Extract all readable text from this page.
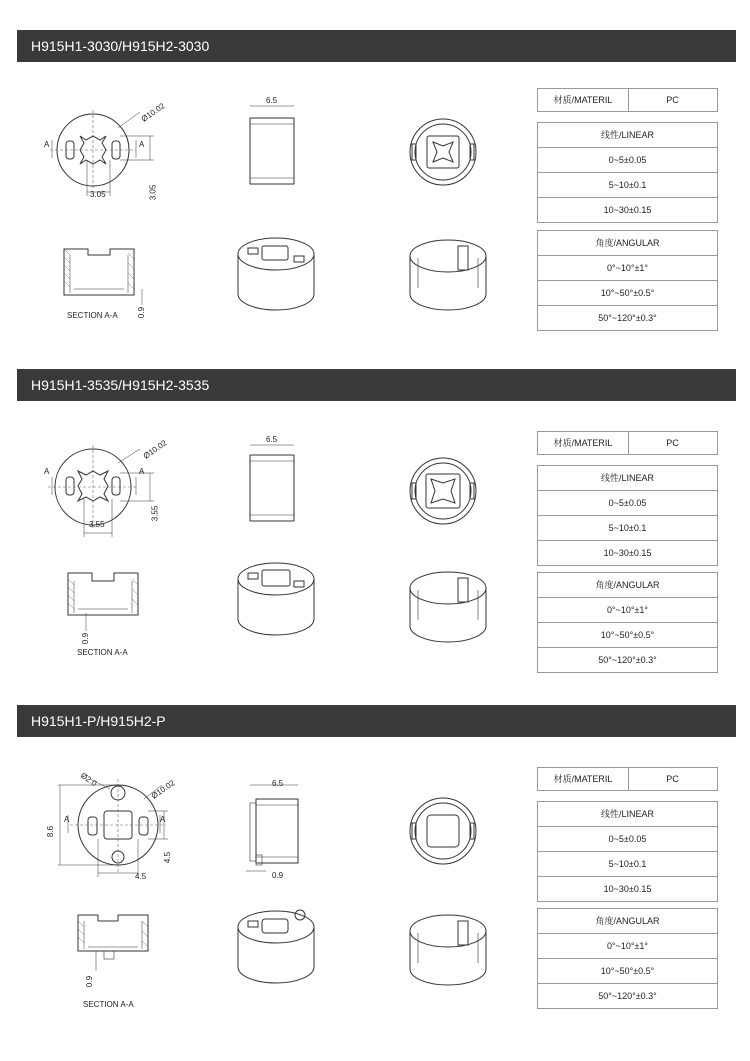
H915H1-3030/H915H2-3030
Ø10.02
3.05	3.05
A	A
6.5
0.9
SECTION A-A
材质/MATERIL	PC
线性/LINEAR
0~5±0.05
5~10±0.1
10~30±0.15
角度/ANGULAR
0°~10°±1°
10°~50°±0.5°
50°~120°±0.3°
H915H1-3535/H915H2-3535
Ø10.02
3.55
3.55
A	A
6.5
0.9
SECTION A-A
材质/MATERIL	PC
线性/LINEAR
0~5±0.05
5~10±0.1
10~30±0.15
角度/ANGULAR
0°~10°±1°
10°~50°±0.5°
50°~120°±0.3°
H915H1-P/H915H2-P
Ø2.0	Ø10.02
8.6
4.5
4.5
A	A
6.5
0.9
0.9
SECTION A-A
材质/MATERIL	PC
线性/LINEAR
0~5±0.05
5~10±0.1
10~30±0.15
角度/ANGULAR
0°~10°±1°
10°~50°±0.5°
50°~120°±0.3°
